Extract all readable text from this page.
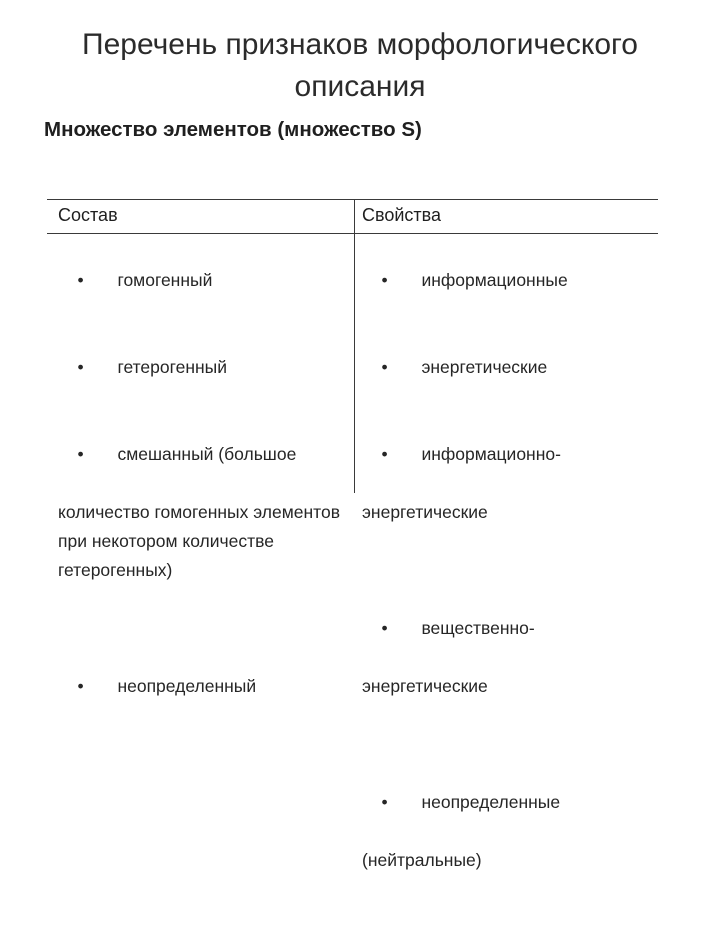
Перечень признаков морфологического
описания
Множество элементов (множество S)
Состав	Свойства

• гомогенный

• гетерогенный

• смешанный (большое

количество гомогенных элементов при некотором количестве гетерогенных)

• неопределенный

• информационные

• энергетические

• информационно-

энергетические

• вещественно-

энергетические

• неопределенные

(нейтральные)
